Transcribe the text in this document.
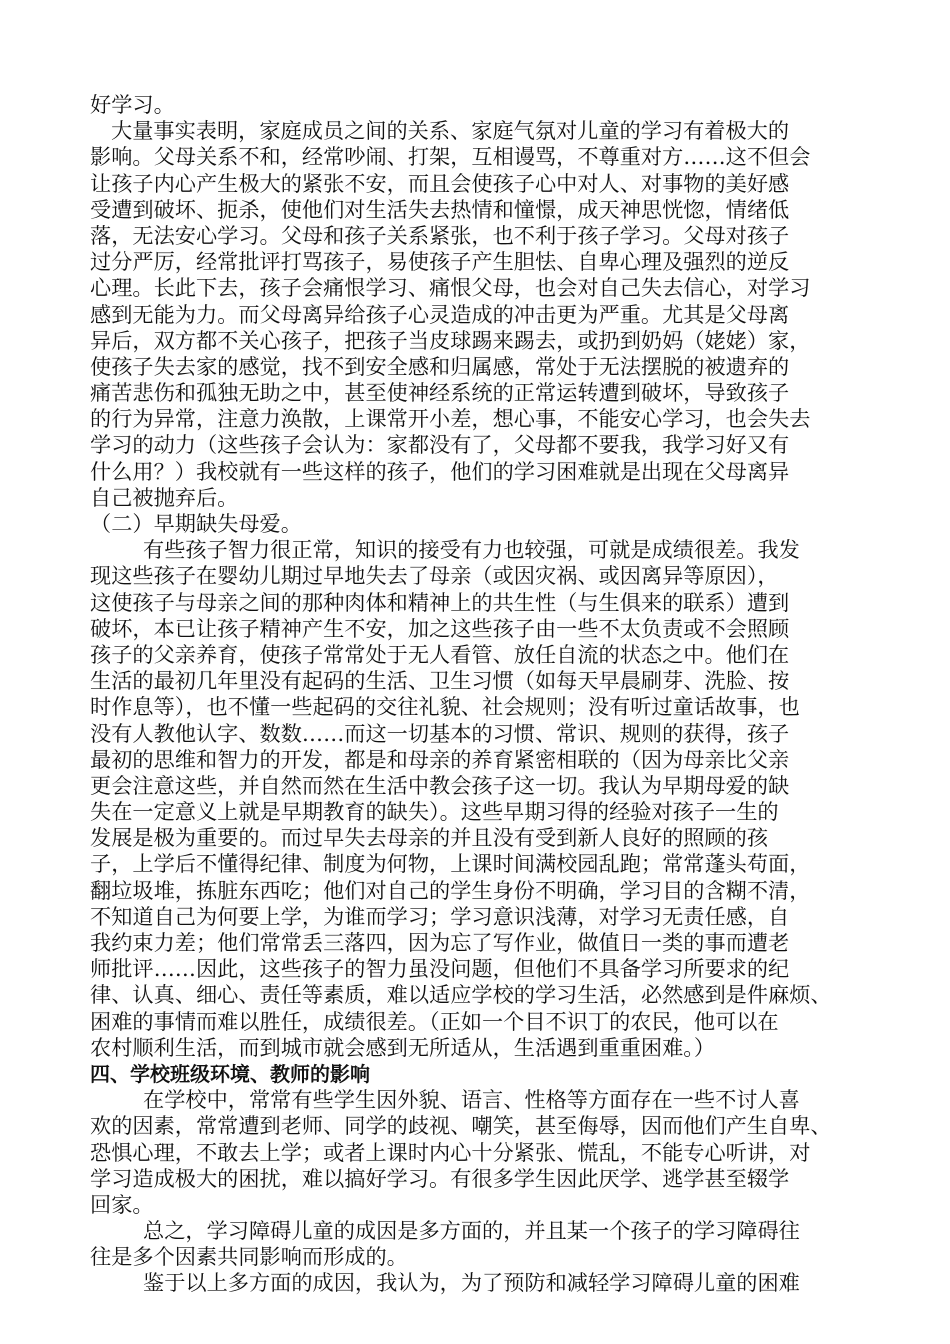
好学习。
大量事实表明，家庭成员之间的关系、家庭气氛对儿童的学习有着极大的
影响。父母关系不和，经常吵闹、打架，互相谩骂，不尊重对方……这不但会
让孩子内心产生极大的紧张不安，而且会使孩子心中对人、对事物的美好感
受遭到破坏、扼杀，使他们对生活失去热情和憧憬，成天神思恍惚，情绪低
落，无法安心学习。父母和孩子关系紧张，也不利于孩子学习。父母对孩子
过分严厉，经常批评打骂孩子，易使孩子产生胆怯、自卑心理及强烈的逆反
心理。长此下去，孩子会痛恨学习、痛恨父母，也会对自己失去信心，对学习
感到无能为力。而父母离异给孩子心灵造成的冲击更为严重。尤其是父母离
异后，双方都不关心孩子，把孩子当皮球踢来踢去，或扔到奶妈（姥姥）家，
使孩子失去家的感觉，找不到安全感和归属感，常处于无法摆脱的被遗弃的
痛苦悲伤和孤独无助之中，甚至使神经系统的正常运转遭到破坏，导致孩子
的行为异常，注意力涣散，上课常开小差，想心事，不能安心学习，也会失去
学习的动力（这些孩子会认为：家都没有了，父母都不要我，我学习好又有
什么用？）我校就有一些这样的孩子，他们的学习困难就是出现在父母离异
自己被抛弃后。
（二）早期缺失母爱。
有些孩子智力很正常，知识的接受有力也较强，可就是成绩很差。我发
现这些孩子在婴幼儿期过早地失去了母亲（或因灾祸、或因离异等原因），
这使孩子与母亲之间的那种肉体和精神上的共生性（与生俱来的联系）遭到
破坏，本已让孩子精神产生不安，加之这些孩子由一些不太负责或不会照顾
孩子的父亲养育，使孩子常常处于无人看管、放任自流的状态之中。他们在
生活的最初几年里没有起码的生活、卫生习惯（如每天早晨刷芽、洗脸、按
时作息等），也不懂一些起码的交往礼貌、社会规则；没有听过童话故事，也
没有人教他认字、数数……而这一切基本的习惯、常识、规则的获得，孩子
最初的思维和智力的开发，都是和母亲的养育紧密相联的（因为母亲比父亲
更会注意这些，并自然而然在生活中教会孩子这一切。我认为早期母爱的缺
失在一定意义上就是早期教育的缺失）。这些早期习得的经验对孩子一生的
发展是极为重要的。而过早失去母亲的并且没有受到新人良好的照顾的孩
子，上学后不懂得纪律、制度为何物，上课时间满校园乱跑；常常蓬头苟面，
翻垃圾堆，拣脏东西吃；他们对自己的学生身份不明确，学习目的含糊不清，
不知道自己为何要上学，为谁而学习；学习意识浅薄，对学习无责任感，自
我约束力差；他们常常丢三落四，因为忘了写作业，做值日一类的事而遭老
师批评……因此，这些孩子的智力虽没问题，但他们不具备学习所要求的纪
律、认真、细心、责任等素质，难以适应学校的学习生活，必然感到是件麻烦、
困难的事情而难以胜任，成绩很差。（正如一个目不识丁的农民，他可以在
农村顺利生活，而到城市就会感到无所适从，生活遇到重重困难。）
四、学校班级环境、教师的影响
在学校中，常常有些学生因外貌、语言、性格等方面存在一些不讨人喜
欢的因素，常常遭到老师、同学的歧视、嘲笑，甚至侮辱，因而他们产生自卑、
恐惧心理，不敢去上学；或者上课时内心十分紧张、慌乱，不能专心听讲，对
学习造成极大的困扰，难以搞好学习。有很多学生因此厌学、逃学甚至辍学
回家。
总之，学习障碍儿童的成因是多方面的，并且某一个孩子的学习障碍往
往是多个因素共同影响而形成的。
鉴于以上多方面的成因，我认为，为了预防和减轻学习障碍儿童的困难
